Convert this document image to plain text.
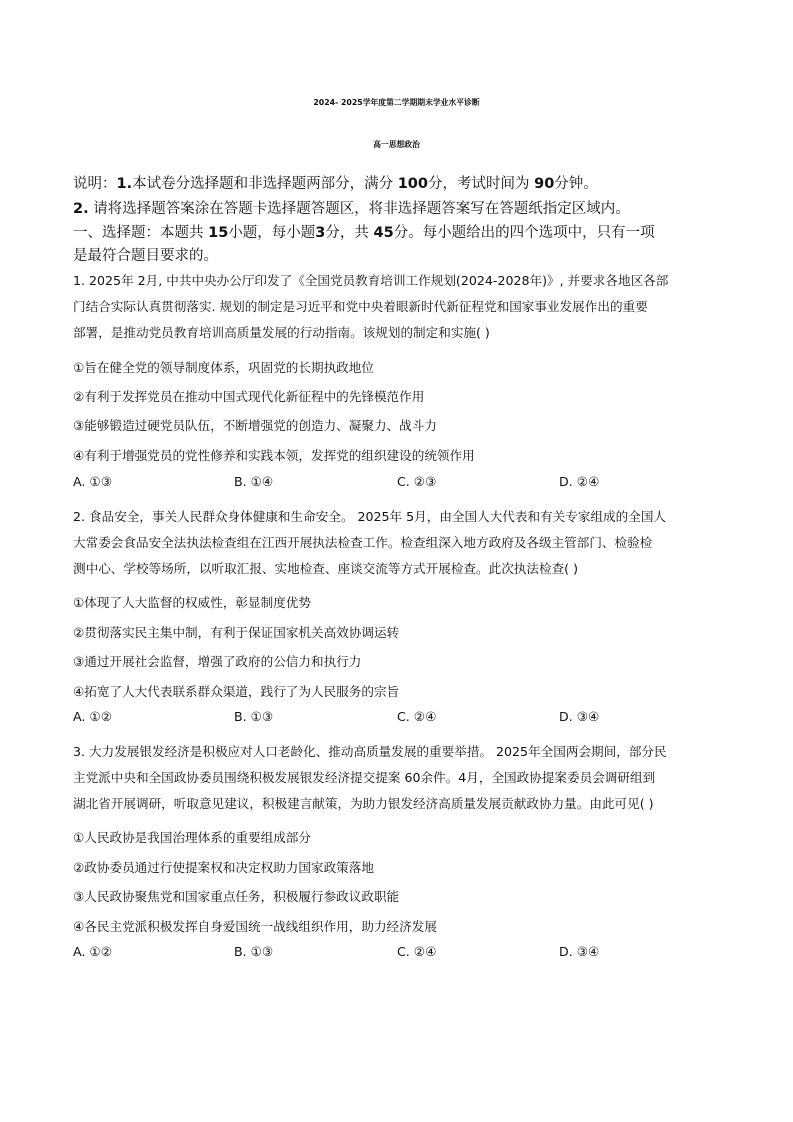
2024- 2025学年度第二学期期末学业水平诊断
高一思想政治
说明：1.本试卷分选择题和非选择题两部分，满分 100分，考试时间为 90分钟。
2. 请将选择题答案涂在答题卡选择题答题区，将非选择题答案写在答题纸指定区域内。
一、选择题：本题共 15小题，每小题3分，共 45分。每小题给出的四个选项中，只有一项
是最符合题目要求的。

1. 2025年 2月, 中共中央办公厅印发了《全国党员教育培训工作规划(2024-2028年)》, 并要求各地区各部

门结合实际认真贯彻落实. 规划的制定是习近平和党中央着眼新时代新征程党和国家事业发展作出的重要

部署，是推动党员教育培训高质量发展的行动指南。该规划的制定和实施( )

①旨在健全党的领导制度体系，巩固党的长期执政地位
②有利于发挥党员在推动中国式现代化新征程中的先锋模范作用
③能够锻造过硬党员队伍，不断增强党的创造力、凝聚力、战斗力
④有利于增强党员的党性修养和实践本领，发挥党的组织建设的统领作用
A. ①③	B. ①④	C. ②③	D. ②④

2. 食品安全，事关人民群众身体健康和生命安全。 2025年 5月，由全国人大代表和有关专家组成的全国人

大常委会食品安全法执法检查组在江西开展执法检查工作。检查组深入地方政府及各级主管部门、检验检

测中心、学校等场所，以听取汇报、实地检查、座谈交流等方式开展检查。此次执法检查( )

①体现了人大监督的权威性，彰显制度优势
②贯彻落实民主集中制，有利于保证国家机关高效协调运转
③通过开展社会监督，增强了政府的公信力和执行力
④拓宽了人大代表联系群众渠道，践行了为人民服务的宗旨
A. ①②	B. ①③	C. ②④	D. ③④

3. 大力发展银发经济是积极应对人口老龄化、推动高质量发展的重要举措。 2025年全国两会期间，部分民

主党派中央和全国政协委员围绕积极发展银发经济提交提案 60余件。4月，全国政协提案委员会调研组到

湖北省开展调研，听取意见建议，积极建言献策，为助力银发经济高质量发展贡献政协力量。由此可见( )

①人民政协是我国治理体系的重要组成部分
②政协委员通过行使提案权和决定权助力国家政策落地
③人民政协聚焦党和国家重点任务，积极履行参政议政职能
④各民主党派积极发挥自身爱国统一战线组织作用，助力经济发展
A. ①②	B. ①③	C. ②④	D. ③④
